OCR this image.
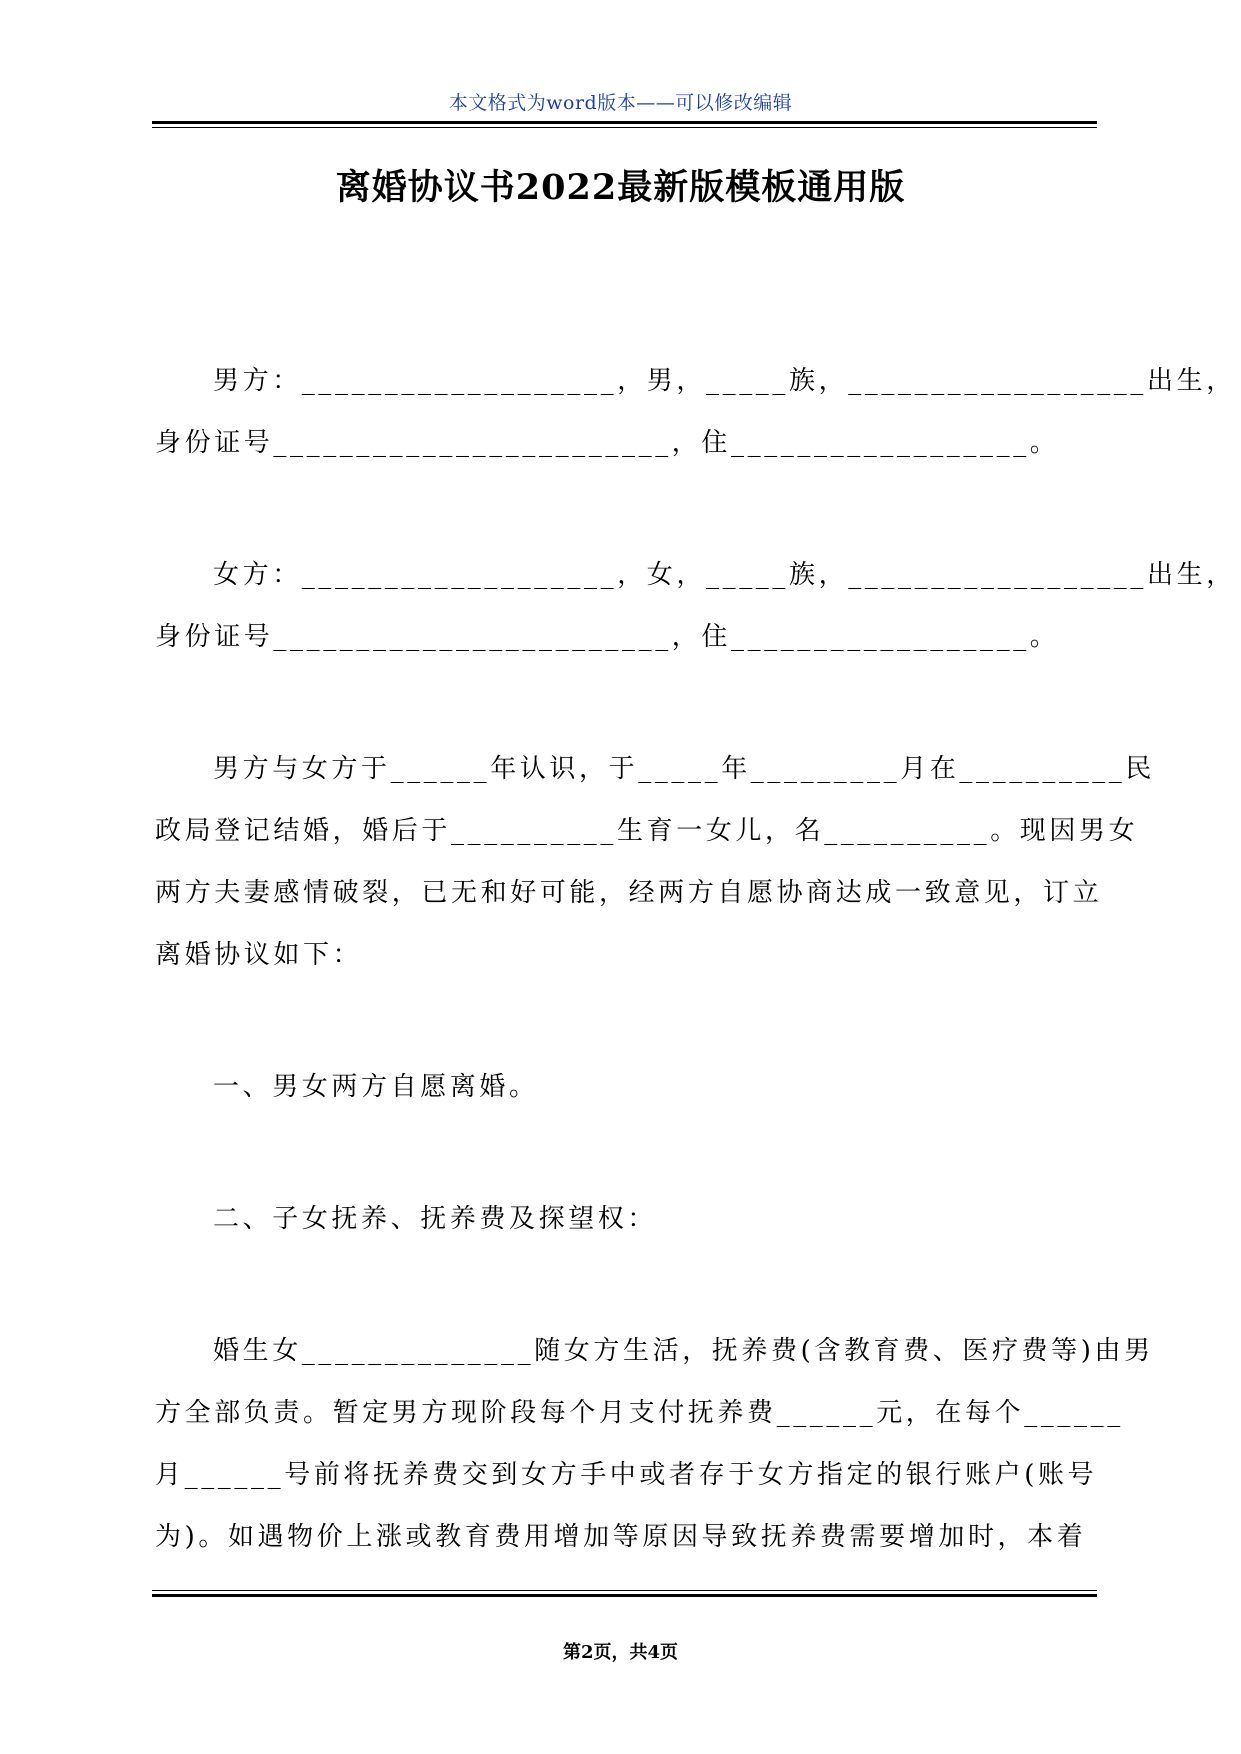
本文格式为word版本——可以修改编辑
离婚协议书2022最新版模板通用版
男方：___________________，男，_____族，__________________出生，
身份证号________________________，住__________________。
女方：___________________，女，_____族，__________________出生，
身份证号________________________，住__________________。
男方与女方于______年认识，于_____年_________月在__________民
政局登记结婚，婚后于__________生育一女儿，名__________。现因男女
两方夫妻感情破裂，已无和好可能，经两方自愿协商达成一致意见，订立
离婚协议如下：
一、男女两方自愿离婚。
二、子女抚养、抚养费及探望权：
婚生女______________随女方生活，抚养费(含教育费、医疗费等)由男
方全部负责。暂定男方现阶段每个月支付抚养费______元，在每个______
月______号前将抚养费交到女方手中或者存于女方指定的银行账户(账号
为)。如遇物价上涨或教育费用增加等原因导致抚养费需要增加时，本着
第2页，共4页
